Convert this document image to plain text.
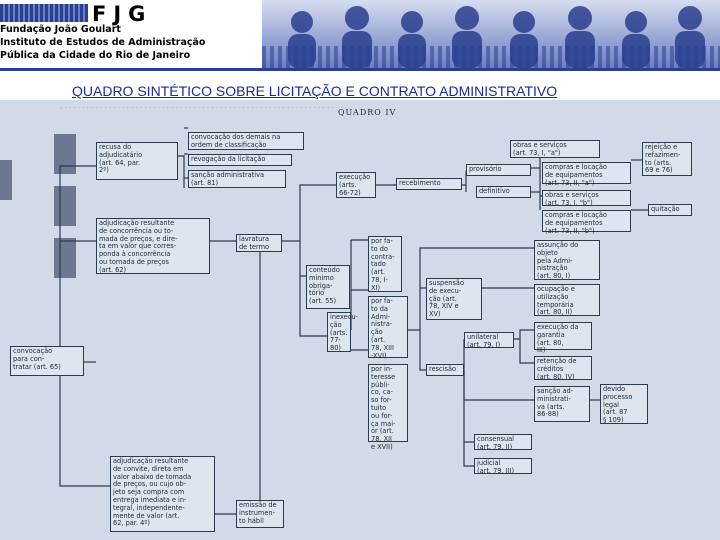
FJG
Fundação João Goulart
Instituto de Estudos de Administração
Pública da Cidade do Rio de Janeiro
QUADRO SINTÉTICO SOBRE LICITAÇÃO E CONTRATO ADMINISTRATIVO
. . . . . . . . . . . . . . . . . . . . . . . . . . . . . . . . . . . . . . . . . . . . . . . . . . . . . . . . . . . . . . . . .
QUADRO IV
convocação
para con-
tratar (art. 65)
recusa do
adjudicatário
(art. 64, par.
2º)
convocação dos demais na
ordem de classificação
revogação da licitação
sanção administrativa
(art. 81)
adjudicação resultante
de concorrência ou to-
mada de preços, e dire-
ta em valor que corres-
ponda à concorrência
ou tomada de preços
(art. 62)
lavratura
de termo
conteúdo
mínimo
obriga-
tório
(art. 55)
inexecu-
ção
(arts.
77-80)
execução
(arts.
66-72)
recebimento
provisório
definitivo
obras e serviços
(art. 73, I, "a")
compras e locação
de equipamentos
(art. 73, II, "a")
obras e serviços
(art. 73, I, "b")
compras e locação
de equipamentos
(art. 73, II, "b")
rejeição e
refazimen-
to (arts.
69 e 76)
quitação
por fa-
to do
contra-
tado
(art.
78, I-
XI)
por fa-
to da
Admi-
nistra-
ção
(art.
78, XIII
-XVI)
por in-
teresse
públi-
co, ca-
so for-
tuito
ou for-
ça mai-
or (art.
78, XII
e XVII)
suspensão
de execu-
ção (art.
78, XIV e
XV)
assunção do
objeto
pela Admi-
nistração
(art. 80, I)
ocupação e
utilização
temporária
(art. 80, II)
execução da
garantia
(art. 80,
III)
retenção de
créditos
(art. 80, IV)
unilateral
(art. 79, I)
rescisão
sanção ad-
ministrati-
va (arts.
86-88)
devido
processo
legal
(art. 87
§ 109)
consensual
(art. 79, II)
judicial
(art. 79, III)
adjudicação resultante
de convite, direta em
valor abaixo de tomada
de preços, ou cujo ob-
jeto seja compra com
entrega imediata e in-
tegral, independente-
mente de valor (art.
62, par. 4º)
emissão de
instrumen-
to hábil
